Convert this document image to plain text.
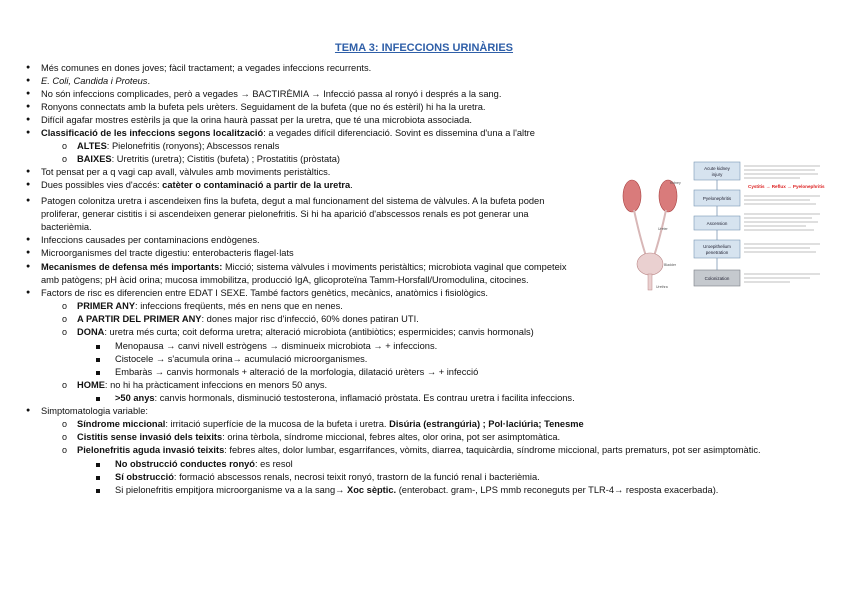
TEMA 3: INFECCIONS URINÀRIES
● Més comunes en dones joves; fàcil tractament; a vegades infeccions recurrents.
● E. Coli, Candida i Proteus.
● No són infeccions complicades, però a vegades → BACTIRÈMIA → Infecció passa al ronyó i després a la sang.
● Ronyons connectats amb la bufeta pels urèters. Seguidament de la bufeta (que no és estèril) hi ha la uretra.
● Difícil agafar mostres estèrils ja que la orina haurà passat per la uretra, que té una microbiota associada.
● Classificació de les infeccions segons localització: a vegades difícil diferenciació. Sovint es dissemina d'una a l'altre
o ALTES: Pielonefritis (ronyons); Abscessos renals
o BAIXES: Uretritis (uretra); Cistitis (bufeta) ; Prostatitis (pròstata)
● Tot pensat per a q vagi cap avall, vàlvules amb moviments peristàltics.
● Dues possibles vies d'accés: catèter o contaminació a partir de la uretra.
● Patogen colonitza uretra i ascendeixen fins la bufeta, degut a mal funcionament del sistema de vàlvules. A la bufeta poden
proliferar, generar cistitis i si ascendeixen generar pielonefritis. Si hi ha aparició d'abscessos renals es pot generar una
bacterièmia.
● Infeccions causades per contaminacions endògenes.
● Microorganismes del tracte digestiu: enterobacteris flagel·lats
● Mecanismes de defensa més importants: Micció; sistema vàlvules i moviments peristàltics; microbiota vaginal que competeix
amb patògens; pH àcid orina; mucosa immobilitza, producció IgA, glicoproteïna Tamm-Horsfall/Uromodulina, citocines.
● Factors de risc es diferencien entre EDAT I SEXE. També factors genètics, mecànics, anatòmics i fisiològics.
o PRIMER ANY: infeccions freqüents, més en nens que en nenes.
o A PARTIR DEL PRIMER ANY: dones major risc d'infecció, 60% dones patiran UTI.
o DONA: uretra més curta; coit deforma uretra; alteració microbiota (antibiòtics; espermicides; canvis hormonals)
Menopausa → canvi nivell estrògens → disminueix microbiota → + infeccions.
Cistocele → s'acumula orina→ acumulació microorganismes.
Embaràs → canvis hormonals + alteració de la morfologia, dilatació urèters → + infecció
o HOME: no hi ha pràcticament infeccions en menors 50 anys.
>50 anys: canvis hormonals, disminució testosterona, inflamació pròstata. Es contrau uretra i facilita infeccions.
● Simptomatologia variable:
o Síndrome miccional: irritació superfície de la mucosa de la bufeta i uretra. Disúria (estrangúria) ; Pol·laciúria; Tenesme
o Cistitis sense invasió dels teixits: orina tèrbola, síndrome miccional, febres altes, olor orina, pot ser asimptomàtica.
o Pielonefritis aguda invasió teixits: febres altes, dolor lumbar, esgarrifances, vòmits, diarrea, taquicàrdia, síndrome miccional, parts prematurs, pot ser asimptomàtic.
No obstrucció conductes ronyó: es resol
Sí obstrucció: formació abscessos renals, necrosi teixit ronyó, trastorn de la funció renal i bacterièmia.
Si pielonefritis empitjora microorganisme va a la sang→ Xoc sèptic. (enterobact. gram-, LPS mmb reconeguts per TLR-4→ resposta exacerbada).
Kidney
Ureter
Bladder
Urethra
Acute kidney
injury
Pyelonephritis
Ascension
Uroepithelium
penetration
Colonization
Cystitis → Reflux → Pyelonephritis
